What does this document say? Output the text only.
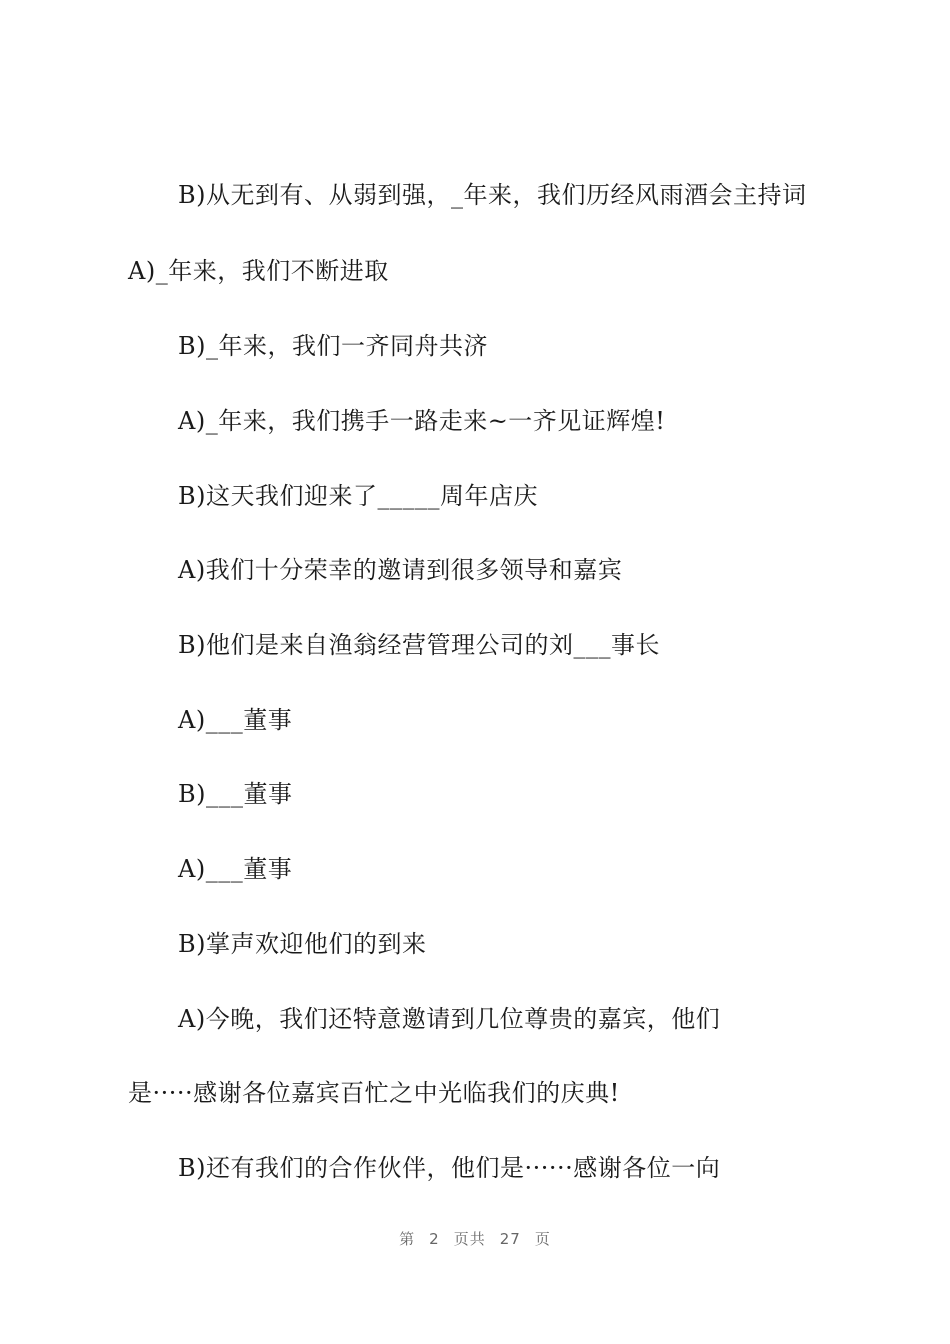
B)从无到有、从弱到强，_年来，我们历经风雨酒会主持词
A)_年来，我们不断进取
B)_年来，我们一齐同舟共济
A)_年来，我们携手一路走来~一齐见证辉煌!
B)这天我们迎来了_____周年店庆
A)我们十分荣幸的邀请到很多领导和嘉宾
B)他们是来自渔翁经营管理公司的刘___事长
A)___董事
B)___董事
A)___董事
B)掌声欢迎他们的到来
A)今晚，我们还特意邀请到几位尊贵的嘉宾，他们
是·····感谢各位嘉宾百忙之中光临我们的庆典!
B)还有我们的合作伙伴，他们是······感谢各位一向
第 2 页共 27 页
